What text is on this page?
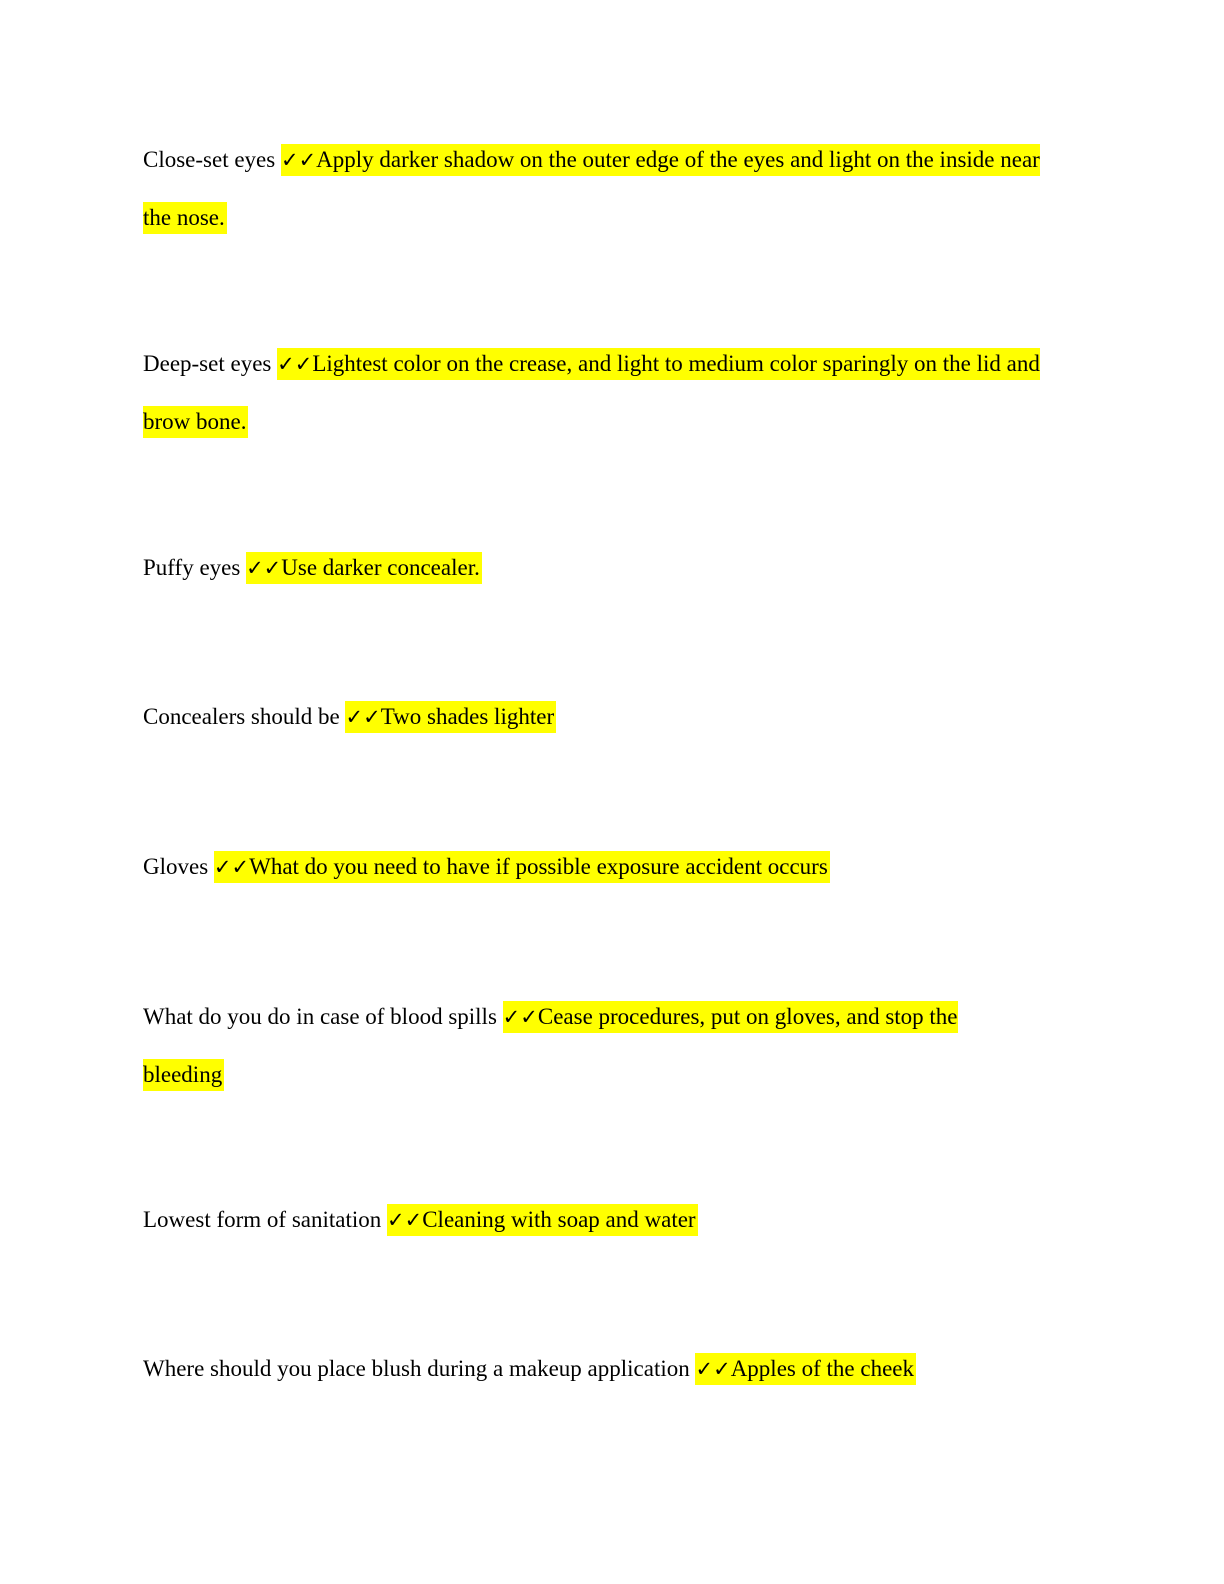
Close-set eyes ✓✓Apply darker shadow on the outer edge of the eyes and light on the inside near the nose.

Deep-set eyes ✓✓Lightest color on the crease, and light to medium color sparingly on the lid and brow bone.

Puffy eyes ✓✓Use darker concealer.

Concealers should be ✓✓Two shades lighter

Gloves ✓✓What do you need to have if possible exposure accident occurs

What do you do in case of blood spills ✓✓Cease procedures, put on gloves, and stop the bleeding

Lowest form of sanitation ✓✓Cleaning with soap and water

Where should you place blush during a makeup application ✓✓Apples of the cheek
